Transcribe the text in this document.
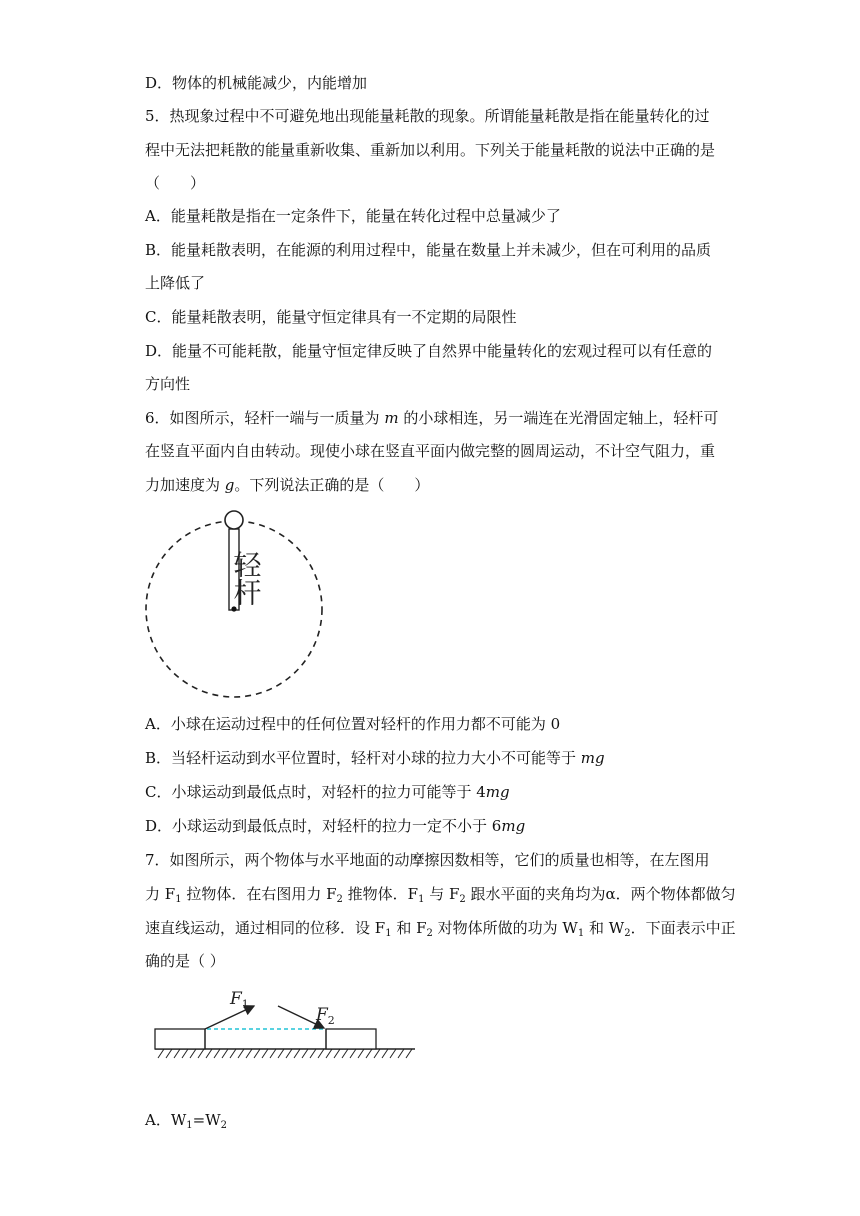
D．物体的机械能减少，内能增加
5．热现象过程中不可避免地出现能量耗散的现象。所谓能量耗散是指在能量转化的过
程中无法把耗散的能量重新收集、重新加以利用。下列关于能量耗散的说法中正确的是
（　　）
A．能量耗散是指在一定条件下，能量在转化过程中总量减少了
B．能量耗散表明，在能源的利用过程中，能量在数量上并未减少，但在可利用的品质
上降低了
C．能量耗散表明，能量守恒定律具有一不定期的局限性
D．能量不可能耗散，能量守恒定律反映了自然界中能量转化的宏观过程可以有任意的
方向性
6．如图所示，轻杆一端与一质量为 m 的小球相连，另一端连在光滑固定轴上，轻杆可
在竖直平面内自由转动。现使小球在竖直平面内做完整的圆周运动，不计空气阻力，重
力加速度为 g。下列说法正确的是（　　）
轻杆
A．小球在运动过程中的任何位置对轻杆的作用力都不可能为 0
B．当轻杆运动到水平位置时，轻杆对小球的拉力大小不可能等于 mg
C．小球运动到最低点时，对轻杆的拉力可能等于 4mg
D．小球运动到最低点时，对轻杆的拉力一定不小于 6mg
7．如图所示，两个物体与水平地面的动摩擦因数相等，它们的质量也相等，在左图用
力 $F_1$ 拉物体．在右图用力 $F_2$ 推物体．$F_1$ 与 $F_2$ 跟水平面的夹角均为α．两个物体都做匀
速直线运动，通过相同的位移．设 $F_1$ 和 $F_2$ 对物体所做的功为 $W_1$ 和 $W_2$．下面表示中正
确的是（ ）
$F_1$
$F_2$
A．$W_1=W_2$
